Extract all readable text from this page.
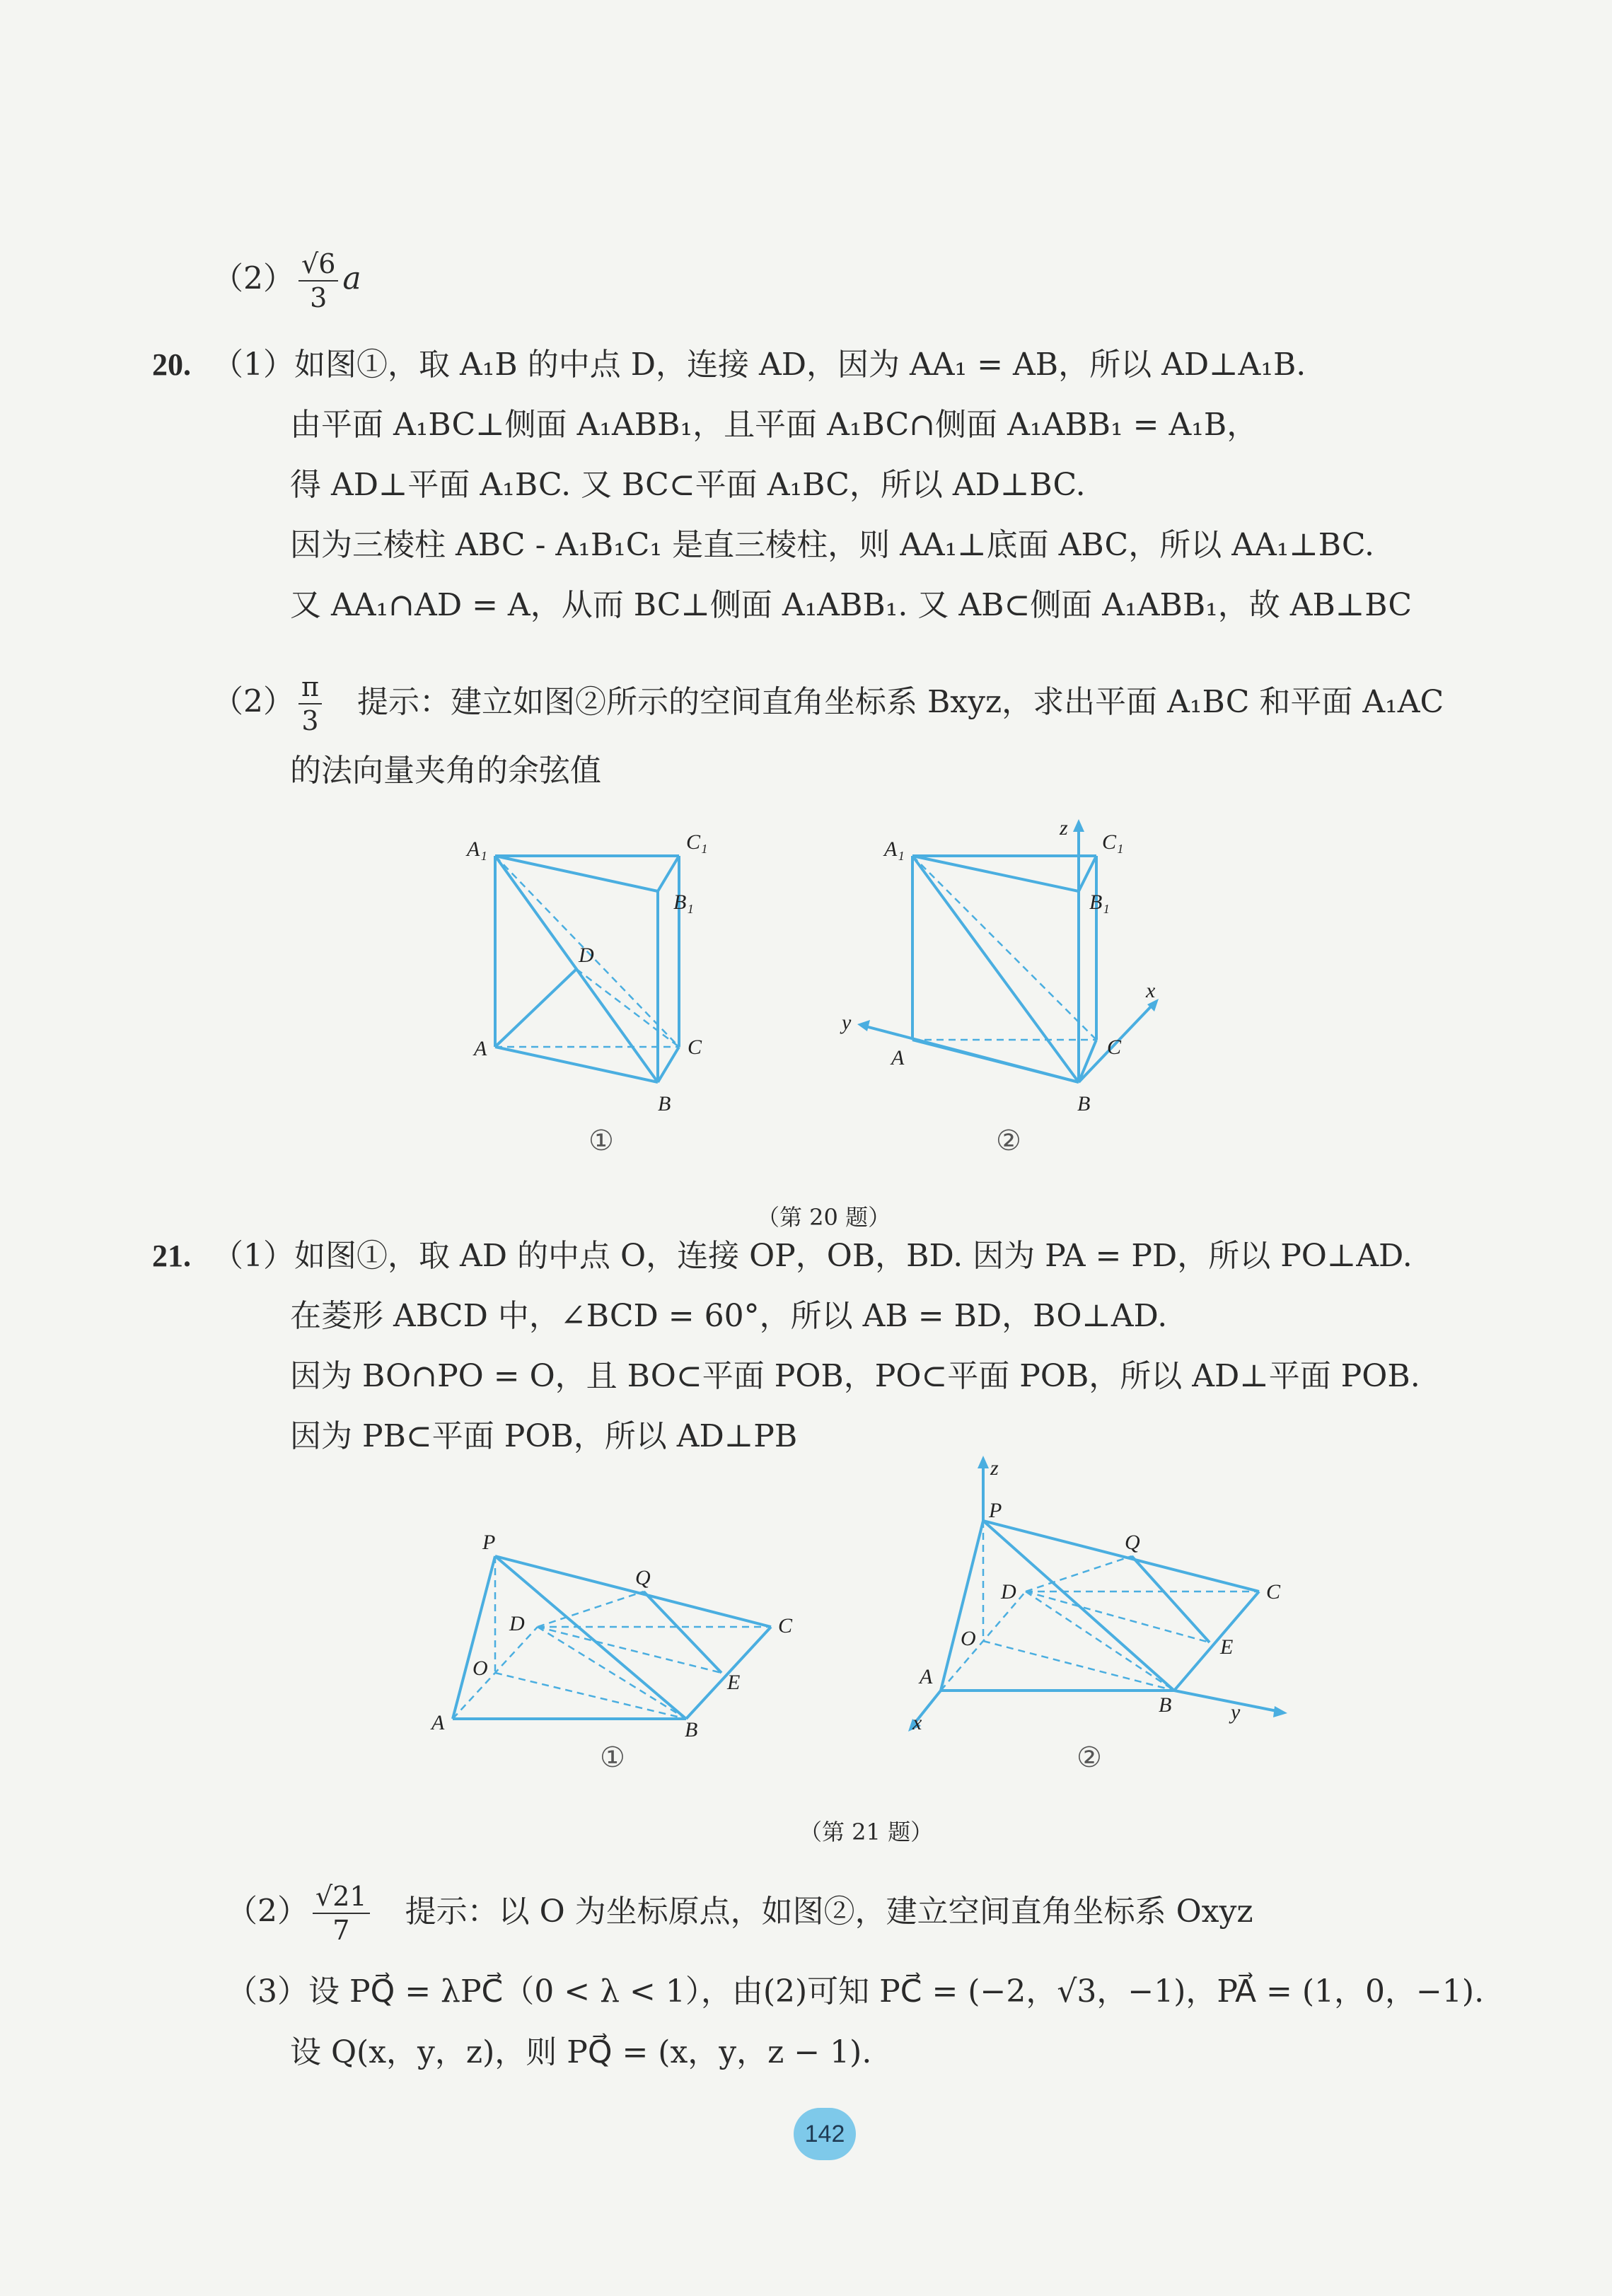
$(2) \frac{√6}{3}$ a
20. （1）如图①，取 A₁B 的中点 D，连接 AD，因为 AA₁ = AB，所以 AD⊥A₁B.
由平面 A₁BC⊥侧面 A₁ABB₁，且平面 A₁BC∩侧面 A₁ABB₁ = A₁B，
得 AD⊥平面 A₁BC. 又 BC⊂平面 A₁BC，所以 AD⊥BC.
因为三棱柱 ABC - A₁B₁C₁ 是直三棱柱，则 AA₁⊥底面 ABC，所以 AA₁⊥BC.
又 AA₁∩AD = A，从而 BC⊥侧面 A₁ABB₁. 又 AB⊂侧面 A₁ABB₁，故 AB⊥BC
$(2) \frac{\pi}{3}$ 提示：建立如图②所示的空间直角坐标系 Bxyz，求出平面 A₁BC 和平面 A₁AC
的法向量夹角的余弦值
A₁	C₁
B₁
D
A	C
B
①
A₁
z
C₁
B₁
y
x
A	C
B
②
（第 20 题）
21. （1）如图①，取 AD 的中点 O，连接 OP，OB，BD. 因为 PA = PD，所以 PO⊥AD.
在菱形 ABCD 中，∠BCD = 60°，所以 AB = BD，BO⊥AD.
因为 BO∩PO = O，且 BO⊂平面 POB，PO⊂平面 POB，所以 AD⊥平面 POB.
因为 PB⊂平面 POB，所以 AD⊥PB
P
Q
D	C
O
E
A	B
①
z
P
Q
D	C
O	E
A
B
x	y
②
（第 21 题）
$(2) \frac{√21}{7}$ 提示：以 O 为坐标原点，如图②，建立空间直角坐标系 Oxyz
（3）设 PQ⃗ = λPC⃗（0 < λ < 1），由(2)可知 PC⃗ = (−2，√3，−1)，PA⃗ = (1，0，−1).
设 Q(x，y，z)，则 PQ⃗ = (x，y，z − 1).
142
